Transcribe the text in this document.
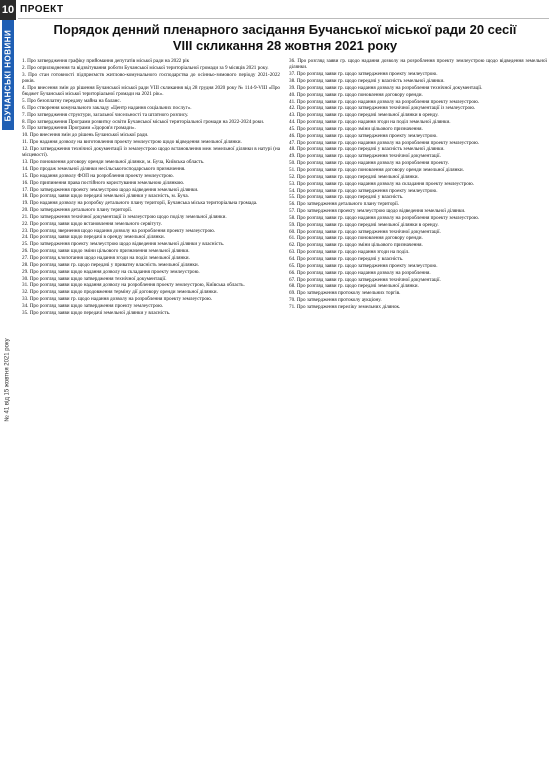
10
БУЧАНСЬКІ НОВИНИ
№ 41 від 15 жовтня 2021 року
ПРОЕКТ
Порядок денний пленарного засідання Бучанської міської ради 20 сесії
VIII скликання 28 жовтня 2021 року

1. Про затвердження графіку прийомання депутатів міської ради на 2022 рік

2. Про оприлюднення та відзвітування роботи Бучанської міської територіальної громади за 9 місяців 2021 року.

3. Про стан готовності підприємств житлово-комунального господарства до осінньо-зимового періоду 2021-2022 років.

4. Про внесення змін до рішення Бучанської міської ради VIII скликання від 28 грудня 2020 року № 114-9-VIII «Про бюджет Бучанської міської територіальної громади на 2021 рік».

5. Про безоплатну передачу майна на баланс.

6. Про створення комунального закладу «Центр надання соціальних послуг».

7. Про затвердження структури, загальної чисельності та штатного розпису.

8. Про затвердження Програми розвитку освіти Бучанської міської територіальної громади на 2022-2024 роки.

9. Про затвердження Програми «Здоров'я громади».

10. Про внесення змін до рішень Бучанської міської ради.

11. Про надання дозволу на виготовлення проекту землеустрою щодо відведення земельної ділянки.

12. Про затвердження технічної документації із землеустрою щодо встановлення меж земельної ділянки в натурі (на місцевості).

13. Про поновлення договору оренди земельної ділянки, м. Буча, Київська область.

14. Про продаж земельної ділянки несільськогосподарського призначення.

15. Про надання дозволу ФОП на розроблення проекту землеустрою.

16. Про припинення права постійного користування земельною ділянкою.

17. Про затвердження проекту землеустрою щодо відведення земельної ділянки.

18. Про розгляд заяви щодо передачі земельної ділянки у власність, м. Буча.

19. Про надання дозволу на розробку детального плану території, Бучанська міська територіальна громада.

20. Про затвердження детального плану території.

21. Про затвердження технічної документації із землеустрою щодо поділу земельної ділянки.

22. Про розгляд заяви щодо встановлення земельного сервітуту.

23. Про розгляд звернення щодо надання дозволу на розроблення проекту землеустрою.

24. Про розгляд заяви щодо передачі в оренду земельної ділянки.

25. Про затвердження проекту землеустрою щодо відведення земельної ділянки у власність.

26. Про розгляд заяви щодо зміни цільового призначення земельної ділянки.

27. Про розгляд клопотання щодо надання згоди на поділ земельної ділянки.

28. Про розгляд заяви гр. щодо передачі у приватну власність земельної ділянки.

29. Про розгляд заяви щодо надання дозволу на складання проекту землеустрою.

30. Про розгляд заяви щодо затвердження технічної документації.

31. Про розгляд заяви щодо надання дозволу на розроблення проекту землеустрою, Київська область.

32. Про розгляд заяви щодо продовження терміну дії договору оренди земельної ділянки.

33. Про розгляд заяви гр. щодо надання дозволу на розроблення проекту землеустрою.

34. Про розгляд заяви щодо затвердження проекту землеустрою.

35. Про розгляд заяви щодо передачі земельної ділянки у власність.

36. Про розгляд заяви гр. щодо надання дозволу на розроблення проекту землеустрою щодо відведення земельної ділянки.

37. Про розгляд заяви гр. щодо затвердження проекту землеустрою.

38. Про розгляд заяви гр. щодо передачі у власність земельної ділянки.

39. Про розгляд заяви гр. щодо надання дозволу на розроблення технічної документації.

40. Про розгляд заяви гр. щодо поновлення договору оренди.

41. Про розгляд заяви гр. щодо надання дозволу на розроблення проекту землеустрою.

42. Про розгляд заяви гр. щодо затвердження технічної документації із землеустрою.

43. Про розгляд заяви гр. щодо передачі земельної ділянки в оренду.

44. Про розгляд заяви гр. щодо надання згоди на поділ земельної ділянки.

45. Про розгляд заяви гр. щодо зміни цільового призначення.

46. Про розгляд заяви гр. щодо затвердження проекту землеустрою.

47. Про розгляд заяви гр. щодо надання дозволу на розроблення проекту землеустрою.

48. Про розгляд заяви гр. щодо передачі у власність земельної ділянки.

49. Про розгляд заяви гр. щодо затвердження технічної документації.

50. Про розгляд заяви гр. щодо надання дозволу на розроблення проекту.

51. Про розгляд заяви гр. щодо поновлення договору оренди земельної ділянки.

52. Про розгляд заяви гр. щодо передачі земельної ділянки.

53. Про розгляд заяви гр. щодо надання дозволу на складання проекту землеустрою.

54. Про розгляд заяви гр. щодо затвердження проекту землеустрою.

55. Про розгляд заяви гр. щодо передачі у власність.

56. Про затвердження детального плану території.

57. Про затвердження проекту землеустрою щодо відведення земельної ділянки.

58. Про розгляд заяви гр. щодо надання дозволу на розроблення проекту землеустрою.

59. Про розгляд заяви гр. щодо передачі земельної ділянки в оренду.

60. Про розгляд заяви гр. щодо затвердження технічної документації.

61. Про розгляд заяви гр. щодо поновлення договору оренди.

62. Про розгляд заяви гр. щодо зміни цільового призначення.

63. Про розгляд заяви гр. щодо надання згоди на поділ.

64. Про розгляд заяви гр. щодо передачі у власність.

65. Про розгляд заяви гр. щодо затвердження проекту землеустрою.

66. Про розгляд заяви гр. щодо надання дозволу на розроблення.

67. Про розгляд заяви гр. щодо затвердження технічної документації.

68. Про розгляд заяви гр. щодо передачі земельної ділянки.

69. Про затвердження протоколу земельних торгів.

70. Про затвердження протоколу аукціону.

71. Про затвердження переліку земельних ділянок.
